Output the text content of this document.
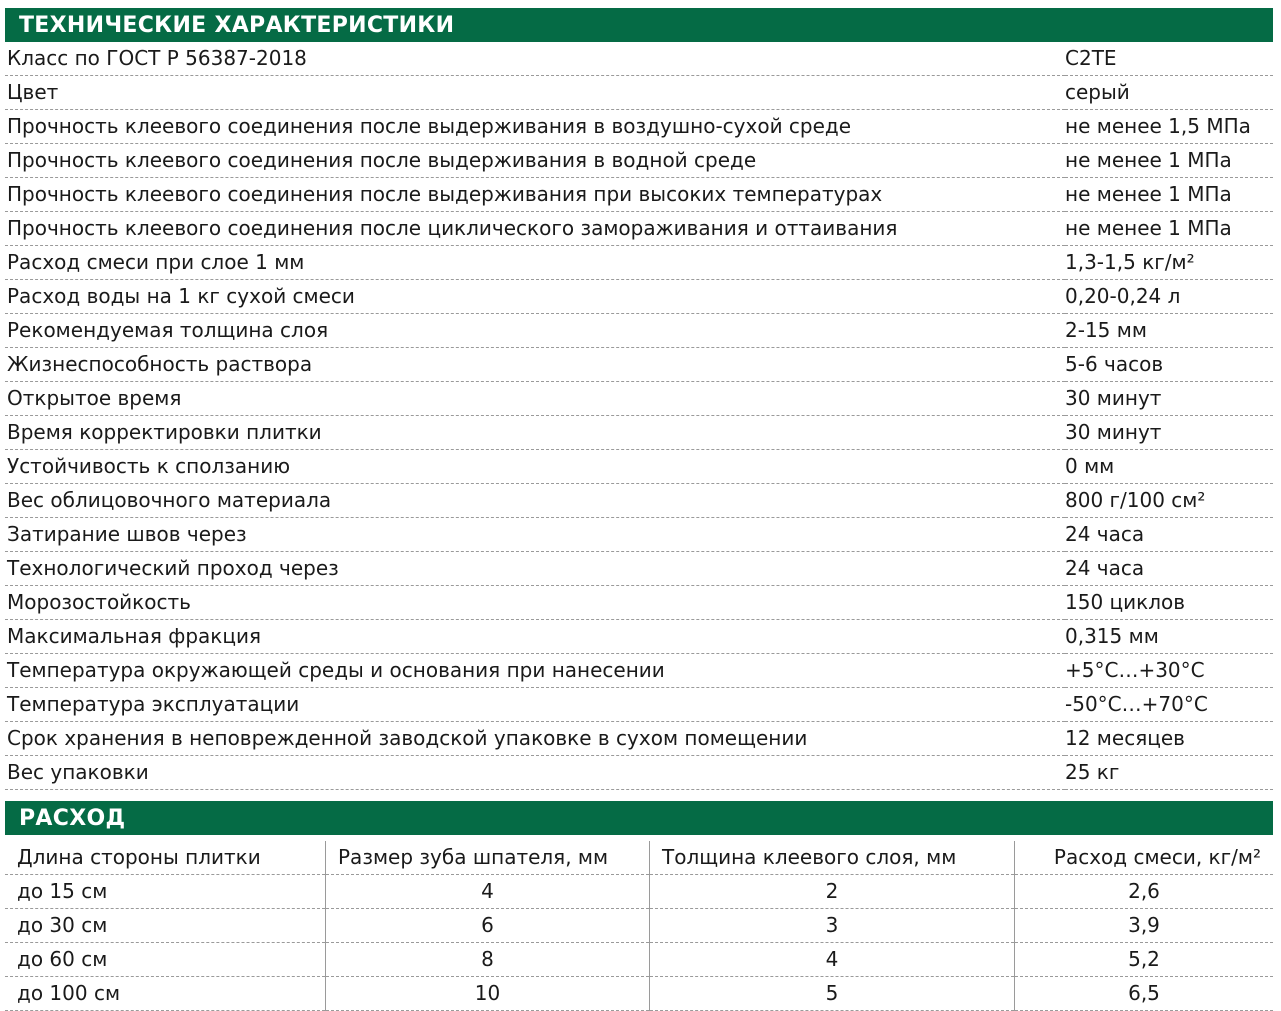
ТЕХНИЧЕСКИЕ ХАРАКТЕРИСТИКИ
Класс по ГОСТ Р 56387-2018	С2ТЕ
Цвет	серый
Прочность клеевого соединения после выдерживания в воздушно-сухой среде	не менее 1,5 МПа
Прочность клеевого соединения после выдерживания в водной среде	не менее 1 МПа
Прочность клеевого соединения после выдерживания при высоких температурах	не менее 1 МПа
Прочность клеевого соединения после циклического замораживания и оттаивания	не менее 1 МПа
Расход смеси при слое 1 мм	1,3-1,5 кг/м²
Расход воды на 1 кг сухой смеси	0,20-0,24 л
Рекомендуемая толщина слоя	2-15 мм
Жизнеспособность раствора	5-6 часов
Открытое время	30 минут
Время корректировки плитки	30 минут
Устойчивость к сползанию	0 мм
Вес облицовочного материала	800 г/100 см²
Затирание швов через	24 часа
Технологический проход через	24 часа
Морозостойкость	150 циклов
Максимальная фракция	0,315 мм
Температура окружающей среды и основания при нанесении	+5°С…+30°С
Температура эксплуатации	-50°С…+70°С
Срок хранения в неповрежденной заводской упаковке в сухом помещении	12 месяцев
Вес упаковки	25 кг
РАСХОД
Длина стороны плитки	Размер зуба шпателя, мм	Толщина клеевого слоя, мм	Расход смеси, кг/м²
до 15 см	4	2	2,6
до 30 см	6	3	3,9
до 60 см	8	4	5,2
до 100 см	10	5	6,5
